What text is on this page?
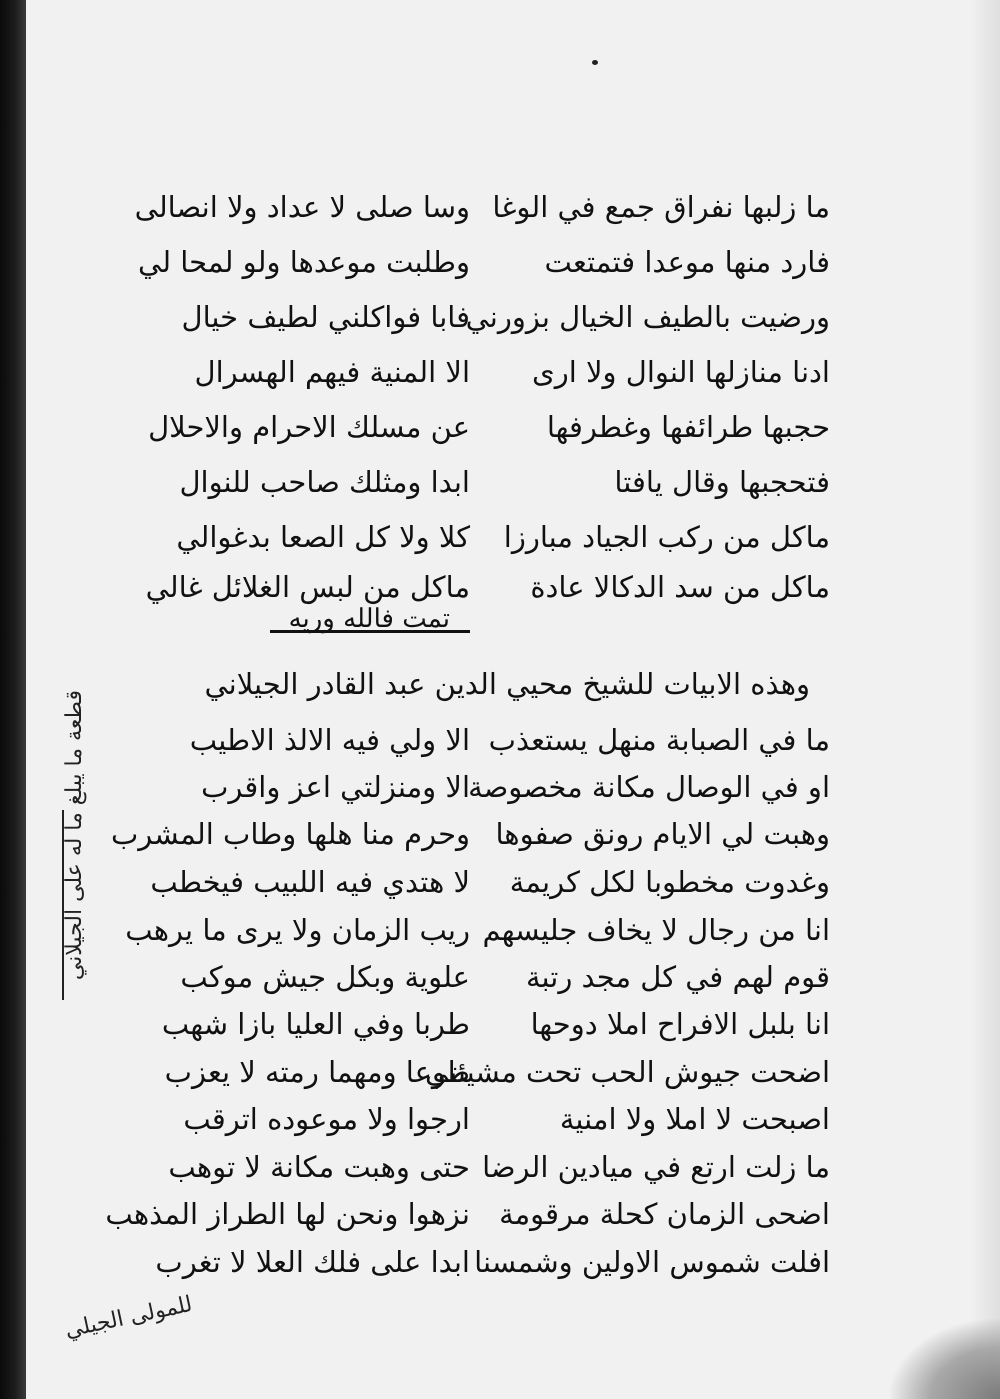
ما زلبها نفراق جمع في الوغا

فارد منها موعدا فتمتعت

ورضيت بالطيف الخيال بزورني

ادنا منازلها النوال ولا ارى

حجبها طرائفها وغطرفها

فتحجبها وقال يافتا

ماكل من ركب الجياد مبارزا

ماكل من سد الدكالا عادة

وسا صلى لا عداد ولا انصالى

وطلبت موعدها ولو لمحا لي

فابا فواكلني لطيف خيال

الا المنية فيهم الهسرال

عن مسلك الاحرام والاحلال

ابدا ومثلك صاحب للنوال

كلا ولا كل الصعا بدغوالي

ماكل من لبس الغلائل غالي

تمت فالله وريه

وهذه الابيات للشيخ محيي الدين عبد القادر الجيلاني

ما في الصبابة منهل يستعذب

او في الوصال مكانة مخصوصة

وهبت لي الايام رونق صفوها

وغدوت مخطوبا لكل كريمة

انا من رجال لا يخاف جليسهم

قوم لهم في كل مجد رتبة

انا بلبل الافراح املا دوحها

اضحت جيوش الحب تحت مشيئتي

اصبحت لا املا ولا امنية

ما زلت ارتع في ميادين الرضا

اضحى الزمان كحلة مرقومة

افلت شموس الاولين وشمسنا

الا ولي فيه الالذ الاطيب

الا ومنزلتي اعز واقرب

وحرم منا هلها وطاب المشرب

لا هتدي فيه اللبيب فيخطب

ريب الزمان ولا يرى ما يرهب

علوية وبكل جيش موكب

طربا وفي العليا بازا شهب

طوعا ومهما رمته لا يعزب

ارجوا ولا موعوده اترقب

حتى وهبت مكانة لا توهب

نزهوا ونحن لها الطراز المذهب

ابدا على فلك العلا لا تغرب

قطعة ما يبلغ ما له على الجيلاني
للمولى الجيلي
